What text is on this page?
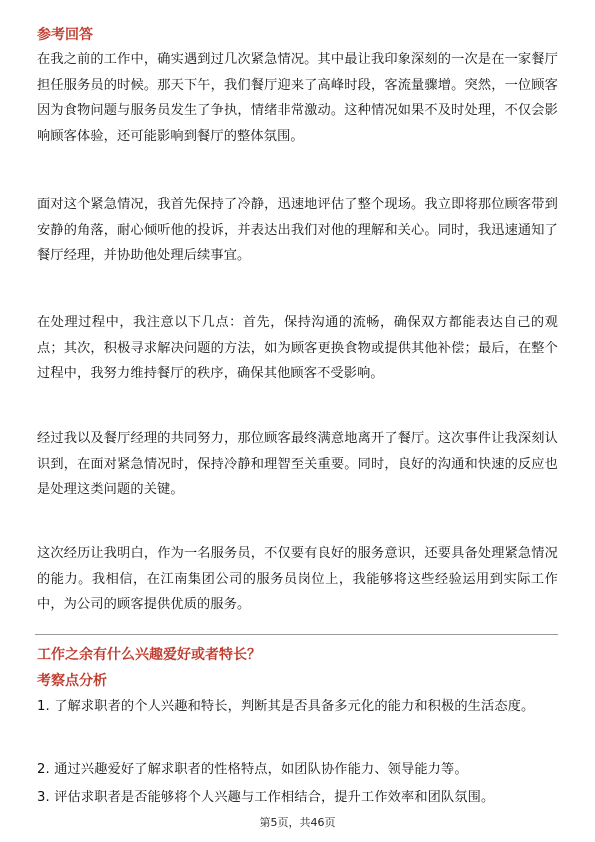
参考回答

在我之前的工作中，确实遇到过几次紧急情况。其中最让我印象深刻的一次是在一家餐厅担任服务员的时候。那天下午，我们餐厅迎来了高峰时段，客流量骤增。突然，一位顾客因为食物问题与服务员发生了争执，情绪非常激动。这种情况如果不及时处理，不仅会影响顾客体验，还可能影响到餐厅的整体氛围。

面对这个紧急情况，我首先保持了冷静，迅速地评估了整个现场。我立即将那位顾客带到安静的角落，耐心倾听他的投诉，并表达出我们对他的理解和关心。同时，我迅速通知了餐厅经理，并协助他处理后续事宜。

在处理过程中，我注意以下几点：首先，保持沟通的流畅，确保双方都能表达自己的观点；其次，积极寻求解决问题的方法，如为顾客更换食物或提供其他补偿；最后，在整个过程中，我努力维持餐厅的秩序，确保其他顾客不受影响。

经过我以及餐厅经理的共同努力，那位顾客最终满意地离开了餐厅。这次事件让我深刻认识到，在面对紧急情况时，保持冷静和理智至关重要。同时，良好的沟通和快速的反应也是处理这类问题的关键。

这次经历让我明白，作为一名服务员，不仅要有良好的服务意识，还要具备处理紧急情况的能力。我相信，在江南集团公司的服务员岗位上，我能够将这些经验运用到实际工作中，为公司的顾客提供优质的服务。

工作之余有什么兴趣爱好或者特长？
考察点分析

1. 了解求职者的个人兴趣和特长，判断其是否具备多元化的能力和积极的生活态度。

2. 通过兴趣爱好了解求职者的性格特点，如团队协作能力、领导能力等。

3. 评估求职者是否能够将个人兴趣与工作相结合，提升工作效率和团队氛围。

第5页，共46页
